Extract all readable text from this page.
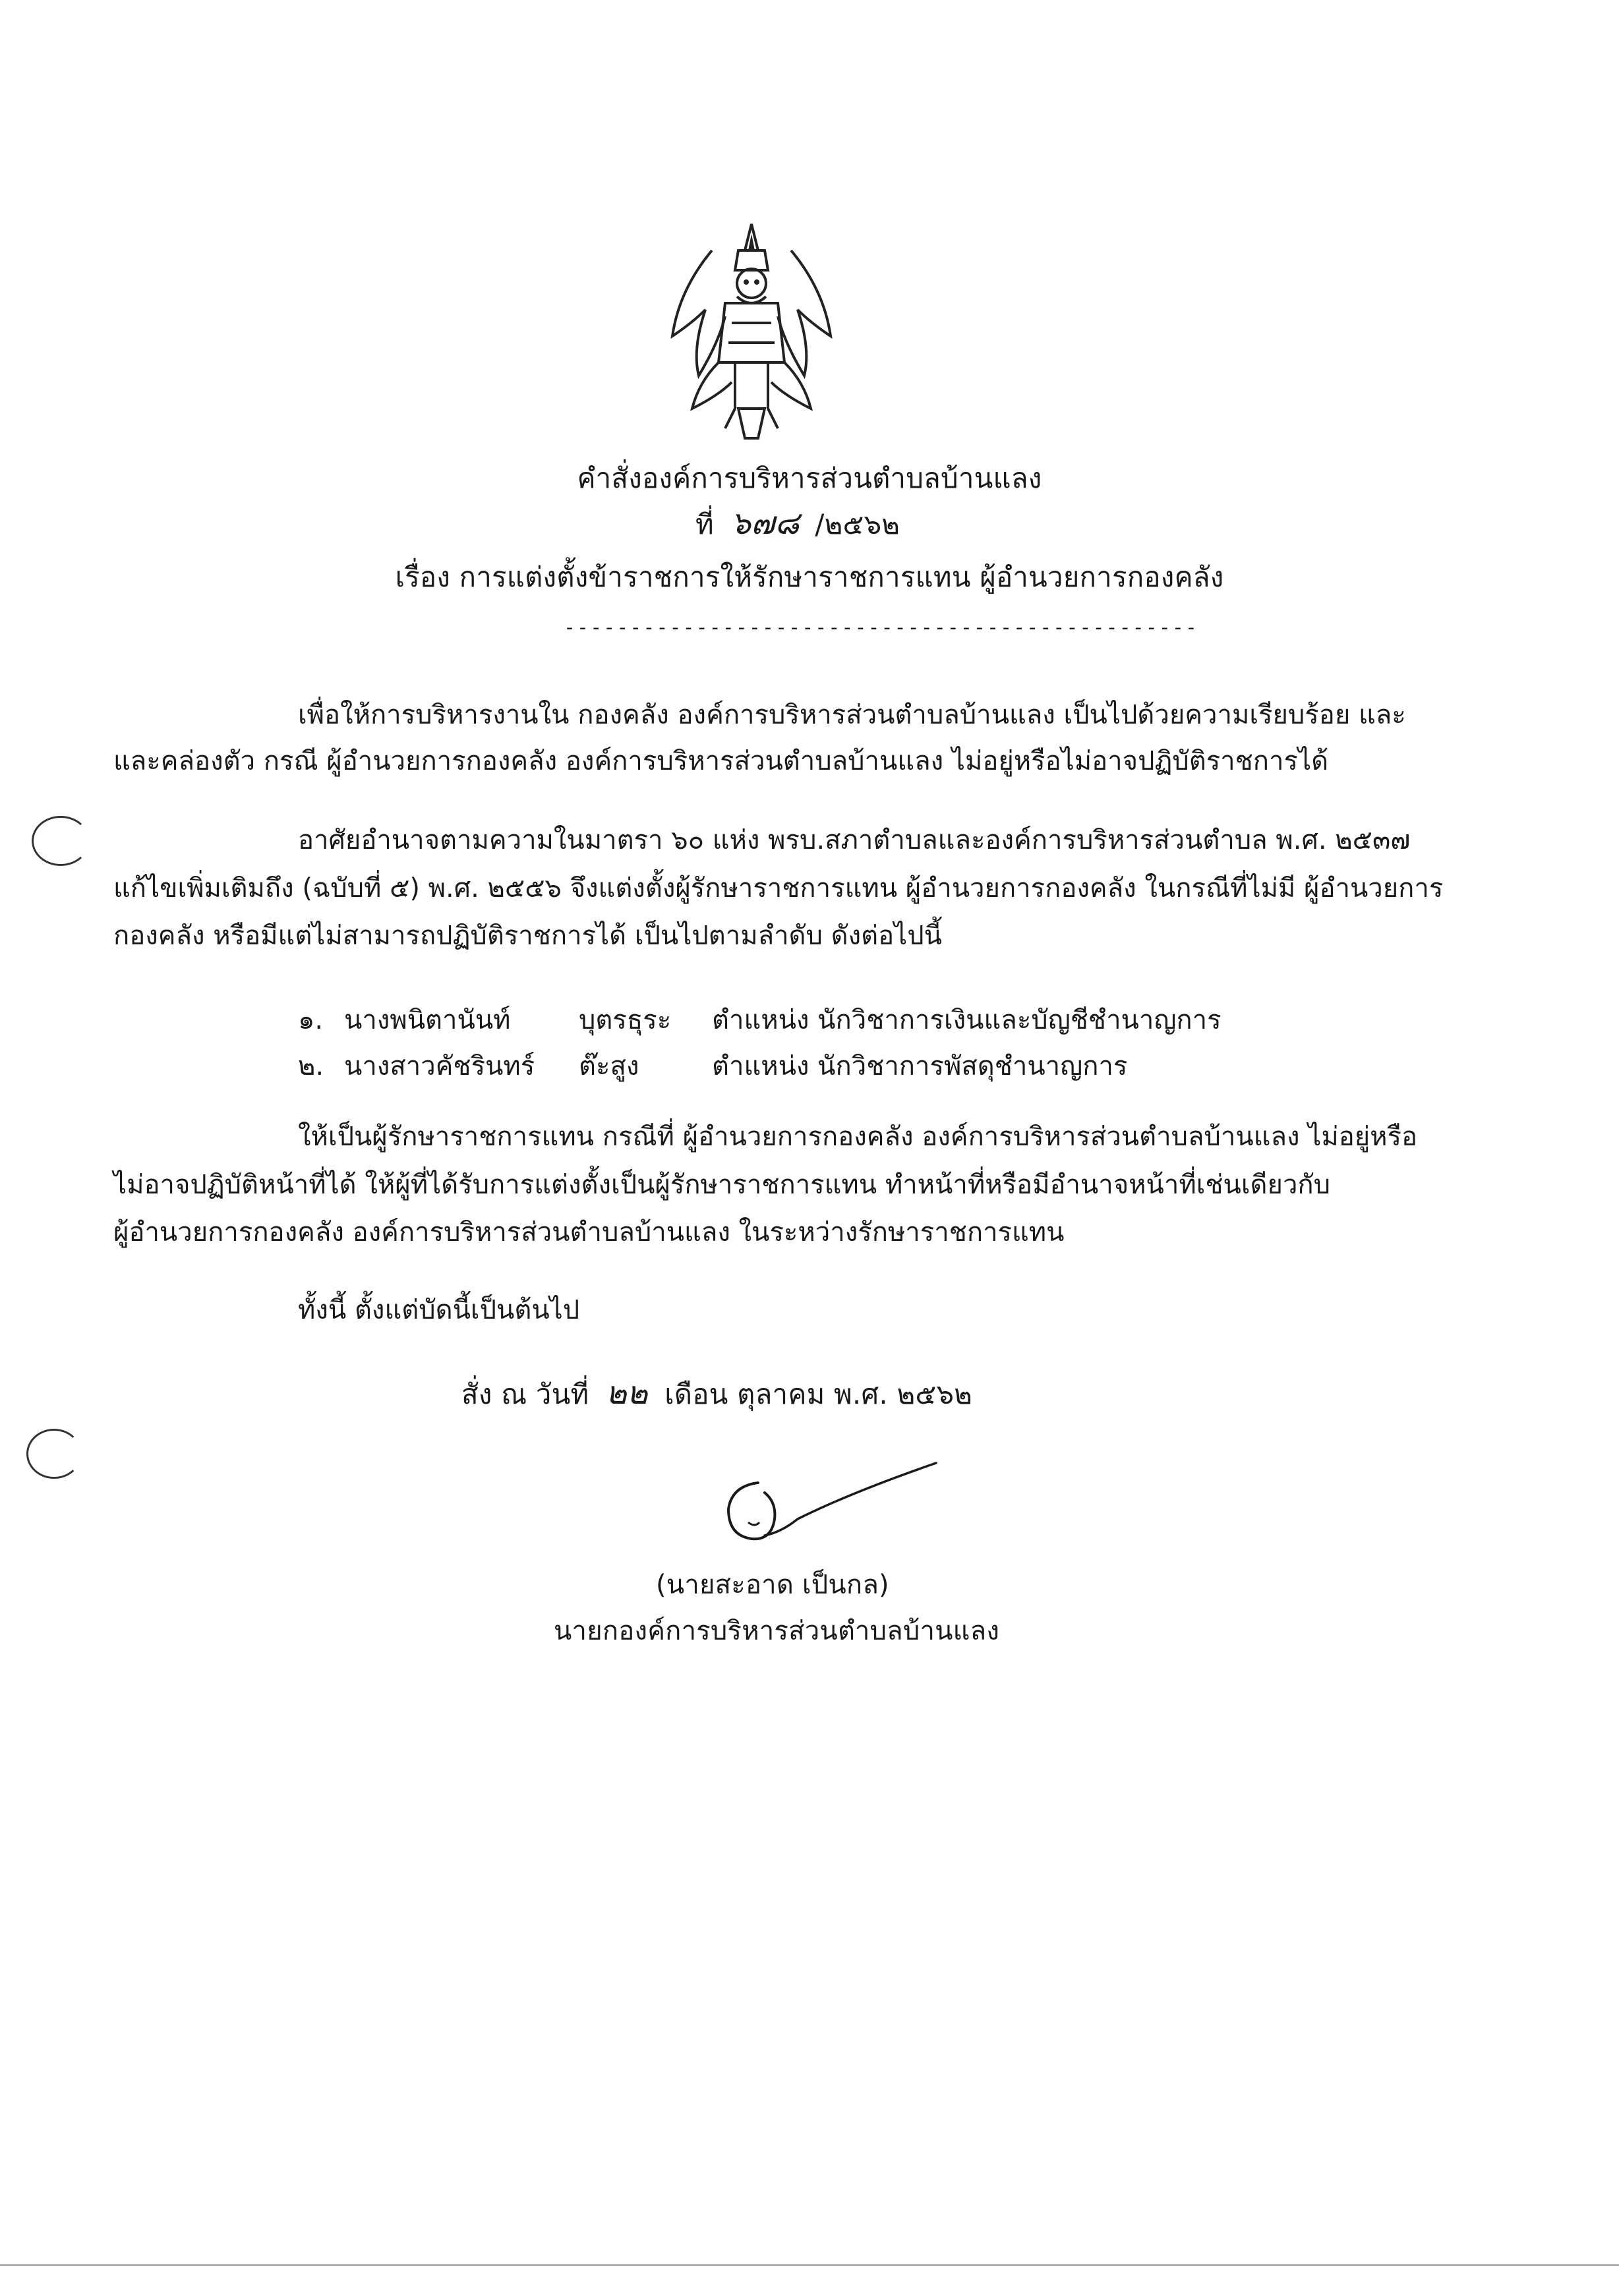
คำสั่งองค์การบริหารส่วนตำบลบ้านแลง
ที่ ๖๗๘ /๒๕๖๒
เรื่อง การแต่งตั้งข้าราชการให้รักษาราชการแทน ผู้อำนวยการกองคลัง
------------------------------------------------
เพื่อให้การบริหารงานใน กองคลัง องค์การบริหารส่วนตำบลบ้านแลง เป็นไปด้วยความเรียบร้อย และ
และคล่องตัว กรณี ผู้อำนวยการกองคลัง องค์การบริหารส่วนตำบลบ้านแลง ไม่อยู่หรือไม่อาจปฏิบัติราชการได้
อาศัยอำนาจตามความในมาตรา ๖๐ แห่ง พรบ.สภาตำบลและองค์การบริหารส่วนตำบล พ.ศ. ๒๕๓๗
แก้ไขเพิ่มเติมถึง (ฉบับที่ ๕) พ.ศ. ๒๕๕๖ จึงแต่งตั้งผู้รักษาราชการแทน ผู้อำนวยการกองคลัง ในกรณีที่ไม่มี ผู้อำนวยการ
กองคลัง หรือมีแต่ไม่สามารถปฏิบัติราชการได้ เป็นไปตามลำดับ ดังต่อไปนี้
๑. นางพนิตานันท์	บุตรธุระ ตำแหน่ง นักวิชาการเงินและบัญชีชำนาญการ
๒. นางสาวคัชรินทร์ ต๊ะสูง	ตำแหน่ง นักวิชาการพัสดุชำนาญการ
ให้เป็นผู้รักษาราชการแทน กรณีที่ ผู้อำนวยการกองคลัง องค์การบริหารส่วนตำบลบ้านแลง ไม่อยู่หรือ
ไม่อาจปฏิบัติหน้าที่ได้ ให้ผู้ที่ได้รับการแต่งตั้งเป็นผู้รักษาราชการแทน ทำหน้าที่หรือมีอำนาจหน้าที่เช่นเดียวกับ
ผู้อำนวยการกองคลัง องค์การบริหารส่วนตำบลบ้านแลง ในระหว่างรักษาราชการแทน
ทั้งนี้ ตั้งแต่บัดนี้เป็นต้นไป
สั่ง ณ วันที่ ๒๒ เดือน ตุลาคม พ.ศ. ๒๕๖๒
(นายสะอาด เป็นกล)
นายกองค์การบริหารส่วนตำบลบ้านแลง
